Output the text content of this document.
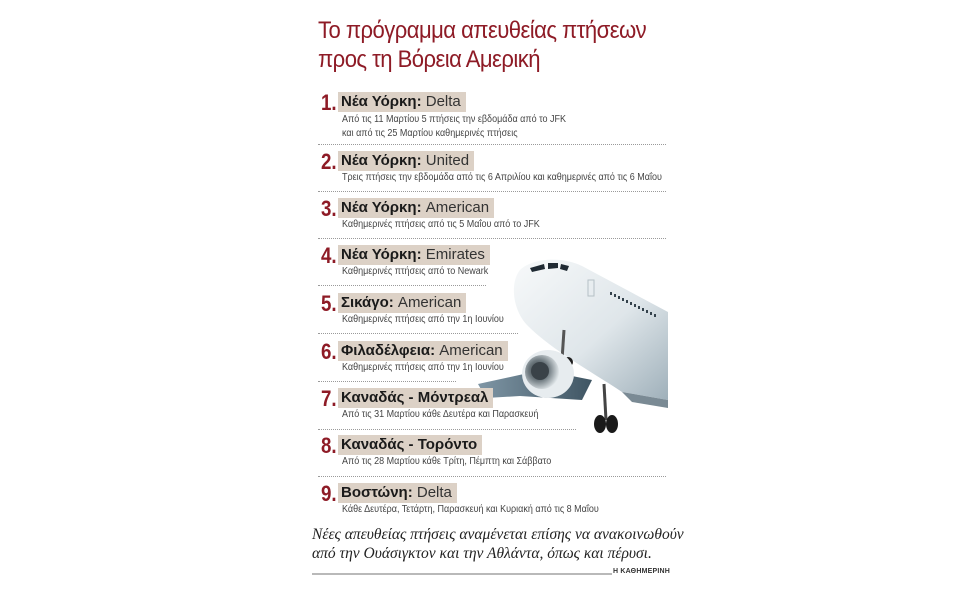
Το πρόγραμμα απευθείας πτήσεων
προς τη Βόρεια Αμερική
1. Νέα Υόρκη: Delta
Από τις 11 Μαρτίου 5 πτήσεις την εβδομάδα από το JFK
και από τις 25 Μαρτίου καθημερινές πτήσεις
2. Νέα Υόρκη: United
Τρεις πτήσεις την εβδομάδα από τις 6 Απριλίου και καθημερινές από τις 6 Μαΐου
3. Νέα Υόρκη: American
Καθημερινές πτήσεις από τις 5 Μαΐου από το JFK
4. Νέα Υόρκη: Emirates
Καθημερινές πτήσεις από το Newark
5. Σικάγο: American
Καθημερινές πτήσεις από την 1η Ιουνίου
6. Φιλαδέλφεια: American
Καθημερινές πτήσεις από την 1η Ιουνίου
7. Καναδάς - Μόντρεαλ
Από τις 31 Μαρτίου κάθε Δευτέρα και Παρασκευή
8. Καναδάς - Τορόντο
Από τις 28 Μαρτίου κάθε Τρίτη, Πέμπτη και Σάββατο
9. Βοστώνη: Delta
Κάθε Δευτέρα, Τετάρτη, Παρασκευή και Κυριακή από τις 8 Μαΐου
Νέες απευθείας πτήσεις αναμένεται επίσης να ανακοινωθούν
από την Ουάσιγκτον και την Αθλάντα, όπως και πέρυσι.
Η ΚΑΘΗΜΕΡΙΝΗ
